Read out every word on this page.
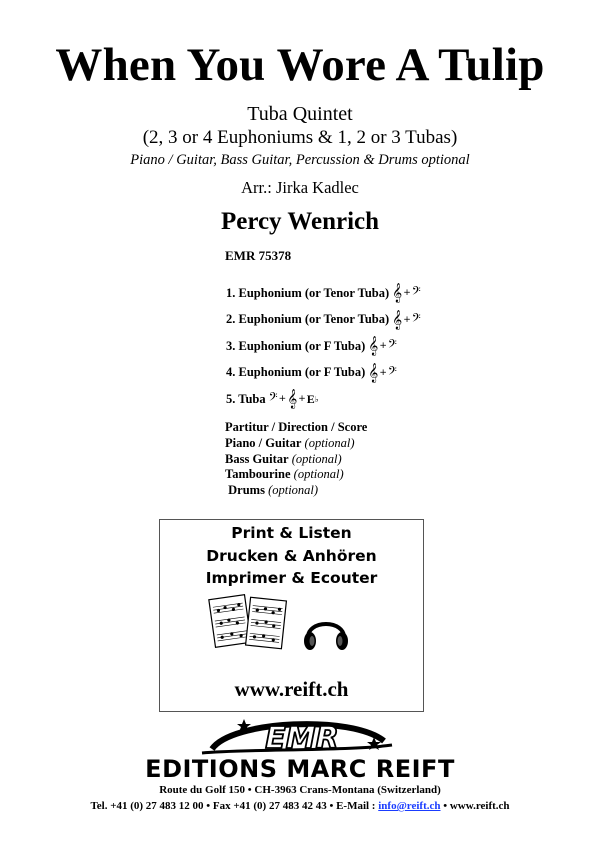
When You Wore A Tulip
Tuba Quintet
(2, 3 or 4 Euphoniums & 1, 2 or 3 Tubas)
Piano / Guitar, Bass Guitar, Percussion & Drums optional
Arr.: Jirka Kadlec
Percy Wenrich
EMR 75378
1. Euphonium (or Tenor Tuba) 𝄞 + 𝄢
2. Euphonium (or Tenor Tuba) 𝄞 + 𝄢
3. Euphonium (or F Tuba) 𝄞 + 𝄢
4. Euphonium (or F Tuba) 𝄞 + 𝄢
5. Tuba 𝄢 + 𝄞 + E ♭
Partitur / Direction / Score
Piano / Guitar (optional)
Bass Guitar (optional)
Tambourine (optional)
Drums (optional)
Print & Listen
Drucken & Anhören
Imprimer & Ecouter
www.reift.ch
EMR
EDITIONS MARC REIFT
Route du Golf 150 • CH-3963 Crans-Montana (Switzerland)
Tel. +41 (0) 27 483 12 00 • Fax +41 (0) 27 483 42 43 • E-Mail : info@reift.ch • www.reift.ch
